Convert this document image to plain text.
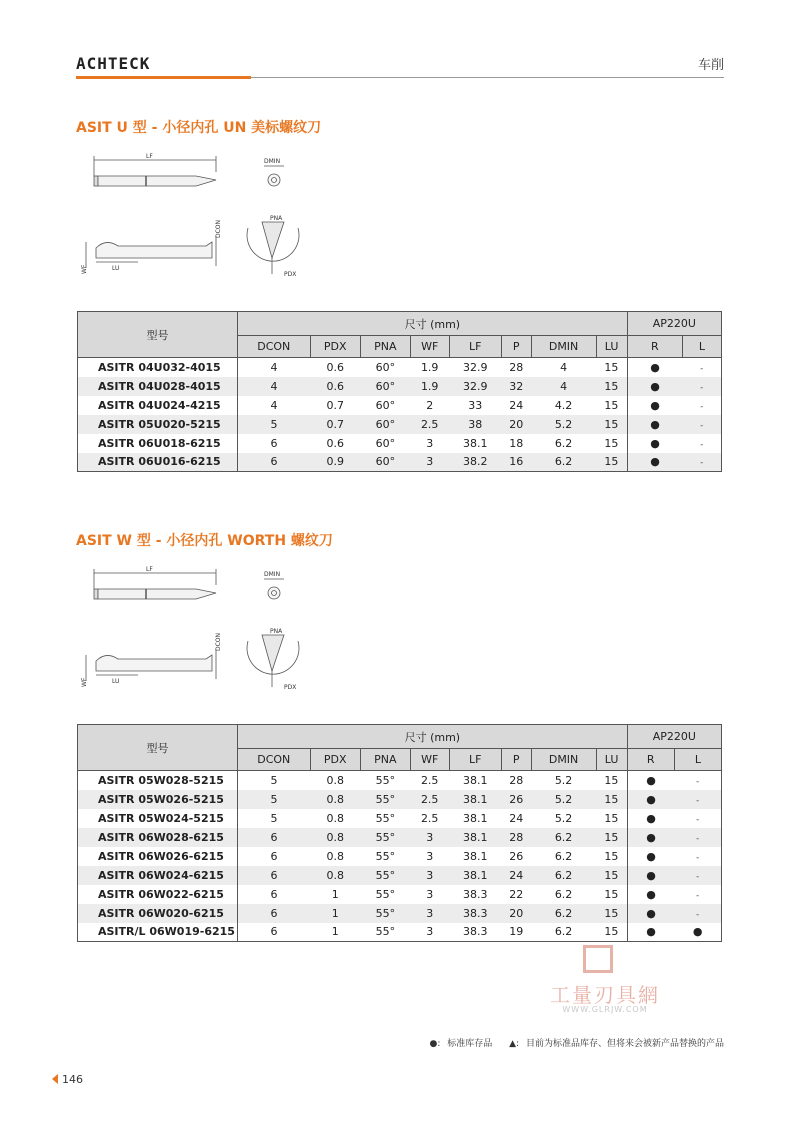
ACHTECK	车削
ASIT U 型 - 小径内孔 UN 美标螺纹刀
LF
DMIN
LU
WF
DCON
PNA
PDX
型号	尺寸 (mm)								AP220U	
	DCON	PDX	PNA	WF	LF	P	DMIN	LU	R	L
ASITR 04U032-4015	4	0.6	60°	1.9	32.9	28	4	15	●	-
ASITR 04U028-4015	4	0.6	60°	1.9	32.9	32	4	15	●	-
ASITR 04U024-4215	4	0.7	60°	2	33	24	4.2	15	●	-
ASITR 05U020-5215	5	0.7	60°	2.5	38	20	5.2	15	●	-
ASITR 06U018-6215	6	0.6	60°	3	38.1	18	6.2	15	●	-
ASITR 06U016-6215	6	0.9	60°	3	38.2	16	6.2	15	●	-
ASIT W 型 - 小径内孔 WORTH 螺纹刀
LF
DMIN
LU
WF
DCON
PNA
PDX
型号	尺寸 (mm)								AP220U	
	DCON	PDX	PNA	WF	LF	P	DMIN	LU	R	L
ASITR 05W028-5215	5	0.8	55°	2.5	38.1	28	5.2	15	●	-
ASITR 05W026-5215	5	0.8	55°	2.5	38.1	26	5.2	15	●	-
ASITR 05W024-5215	5	0.8	55°	2.5	38.1	24	5.2	15	●	-
ASITR 06W028-6215	6	0.8	55°	3	38.1	28	6.2	15	●	-
ASITR 06W026-6215	6	0.8	55°	3	38.1	26	6.2	15	●	-
ASITR 06W024-6215	6	0.8	55°	3	38.1	24	6.2	15	●	-
ASITR 06W022-6215	6	1	55°	3	38.3	22	6.2	15	●	-
ASITR 06W020-6215	6	1	55°	3	38.3	20	6.2	15	●	-
ASITR/L 06W019-6215	6	1	55°	3	38.3	19	6.2	15	●	●
工量刃具網
WWW.GLRJW.COM
●: 标准库存品 ▲: 目前为标准品库存、但将来会被新产品替换的产品
146
